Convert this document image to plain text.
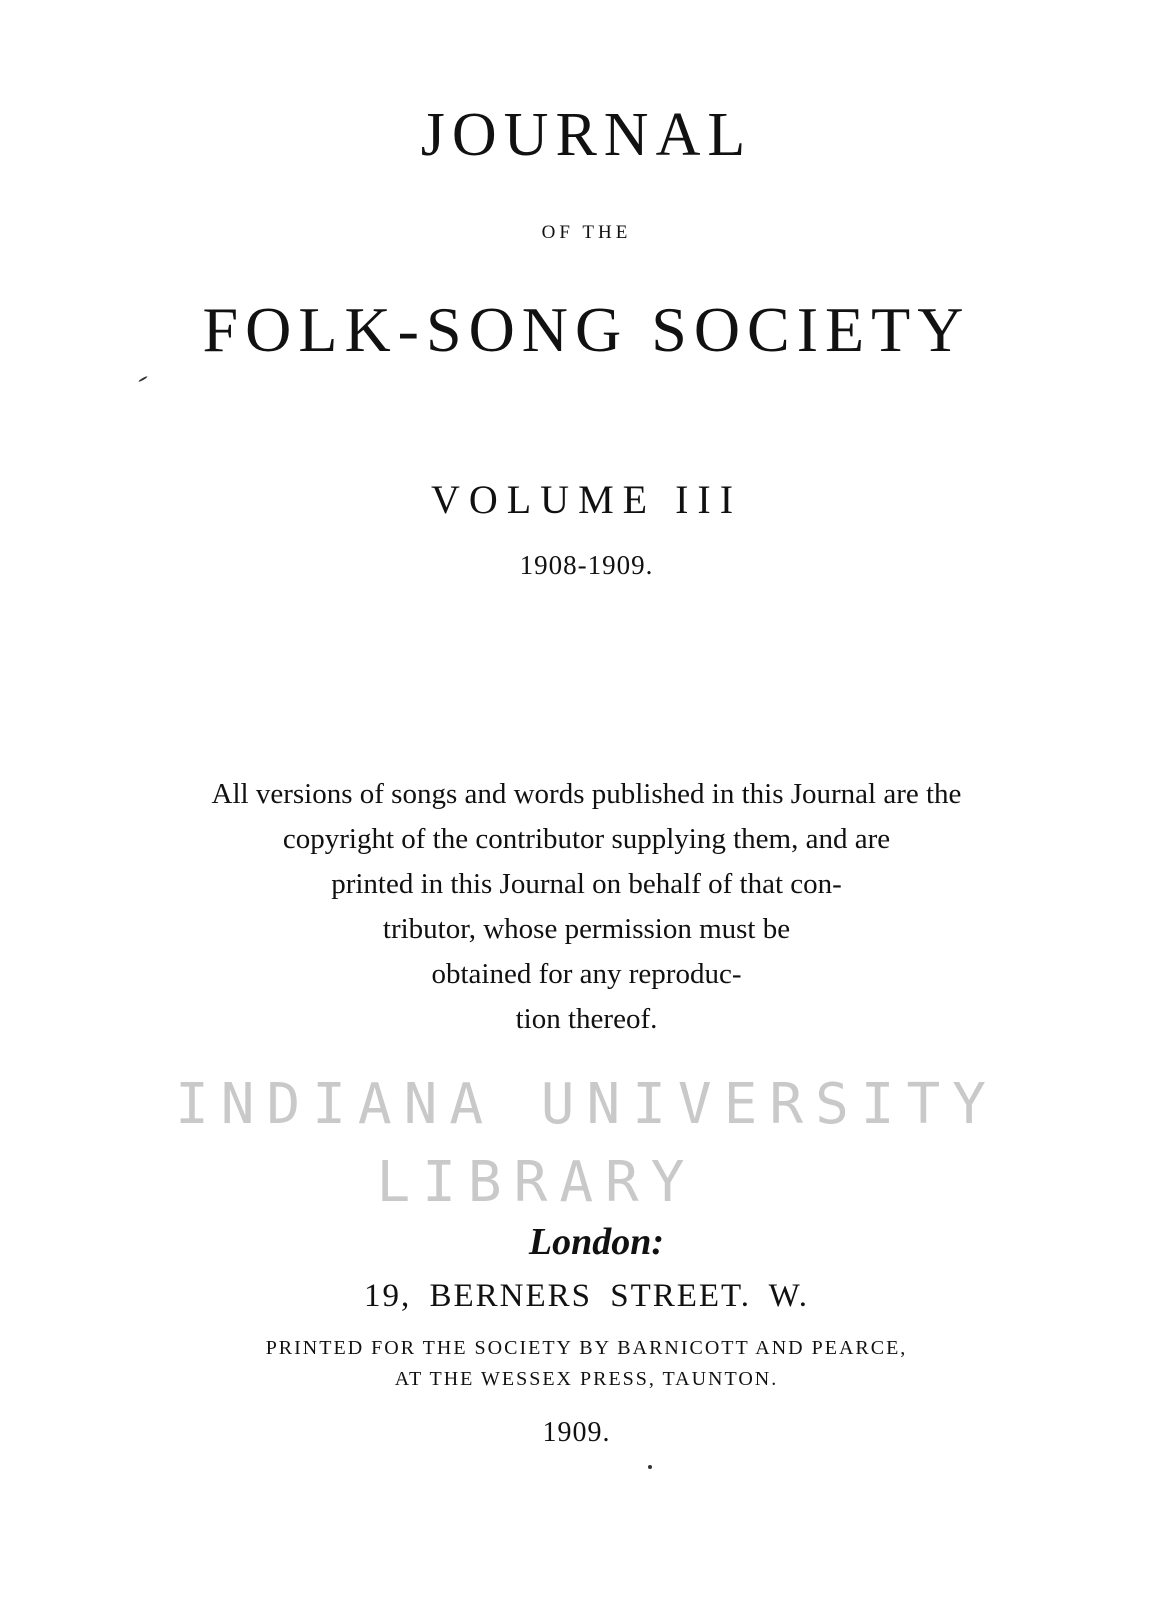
JOURNAL
OF THE
FOLK-SONG SOCIETY
VOLUME III
1908-1909.
All versions of songs and words published in this Journal are the
copyright of the contributor supplying them, and are
printed in this Journal on behalf of that con-
tributor, whose permission must be
obtained for any reproduc-
tion thereof.
INDIANA UNIVERSITY
LIBRARY
London:
19, BERNERS STREET. W.
PRINTED FOR THE SOCIETY BY BARNICOTT AND PEARCE,
AT THE WESSEX PRESS, TAUNTON.
1909.
